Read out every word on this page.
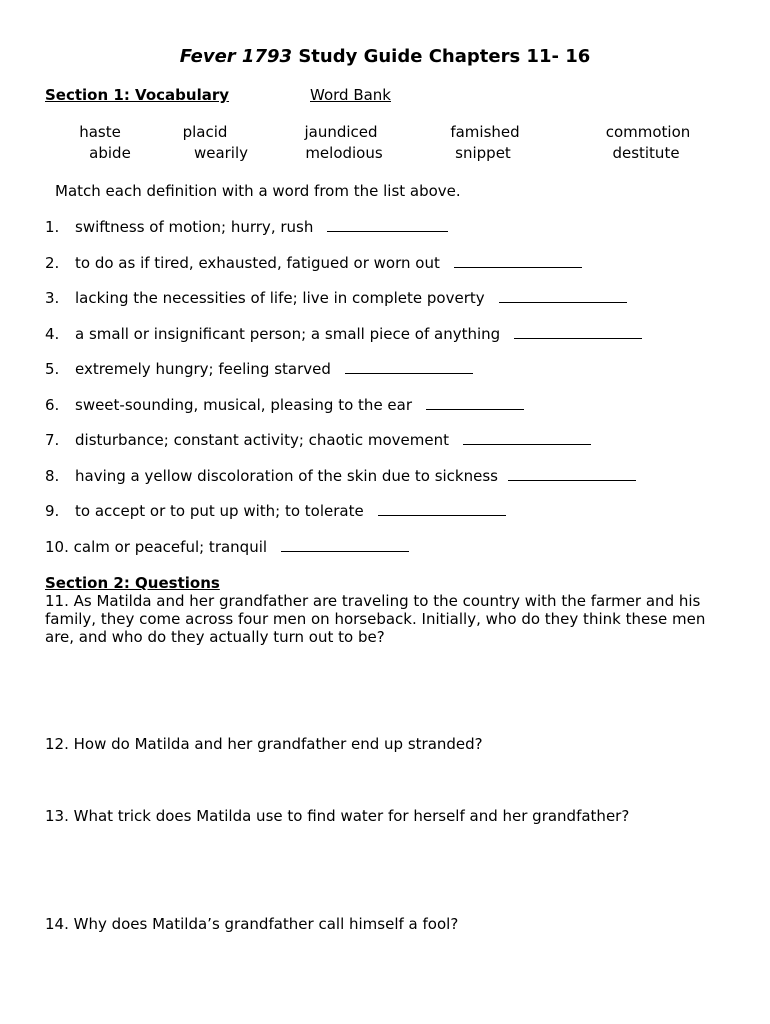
Fever 1793 Study Guide Chapters 11- 16
Section 1: Vocabulary	Word Bank
haste	placid	jaundiced	famished	commotion
abide	wearily	melodious	snippet	destitute
Match each definition with a word from the list above.
1. swiftness of motion; hurry, rush
2. to do as if tired, exhausted, fatigued or worn out
3. lacking the necessities of life; live in complete poverty
4. a small or insignificant person; a small piece of anything
5. extremely hungry; feeling starved
6. sweet-sounding, musical, pleasing to the ear
7. disturbance; constant activity; chaotic movement
8. having a yellow discoloration of the skin due to sickness
9. to accept or to put up with; to tolerate
10. calm or peaceful; tranquil
Section 2: Questions
11. As Matilda and her grandfather are traveling to the country with the farmer and his family, they come across four men on horseback. Initially, who do they think these men are, and who do they actually turn out to be?
12. How do Matilda and her grandfather end up stranded?
13. What trick does Matilda use to find water for herself and her grandfather?
14. Why does Matilda’s grandfather call himself a fool?
